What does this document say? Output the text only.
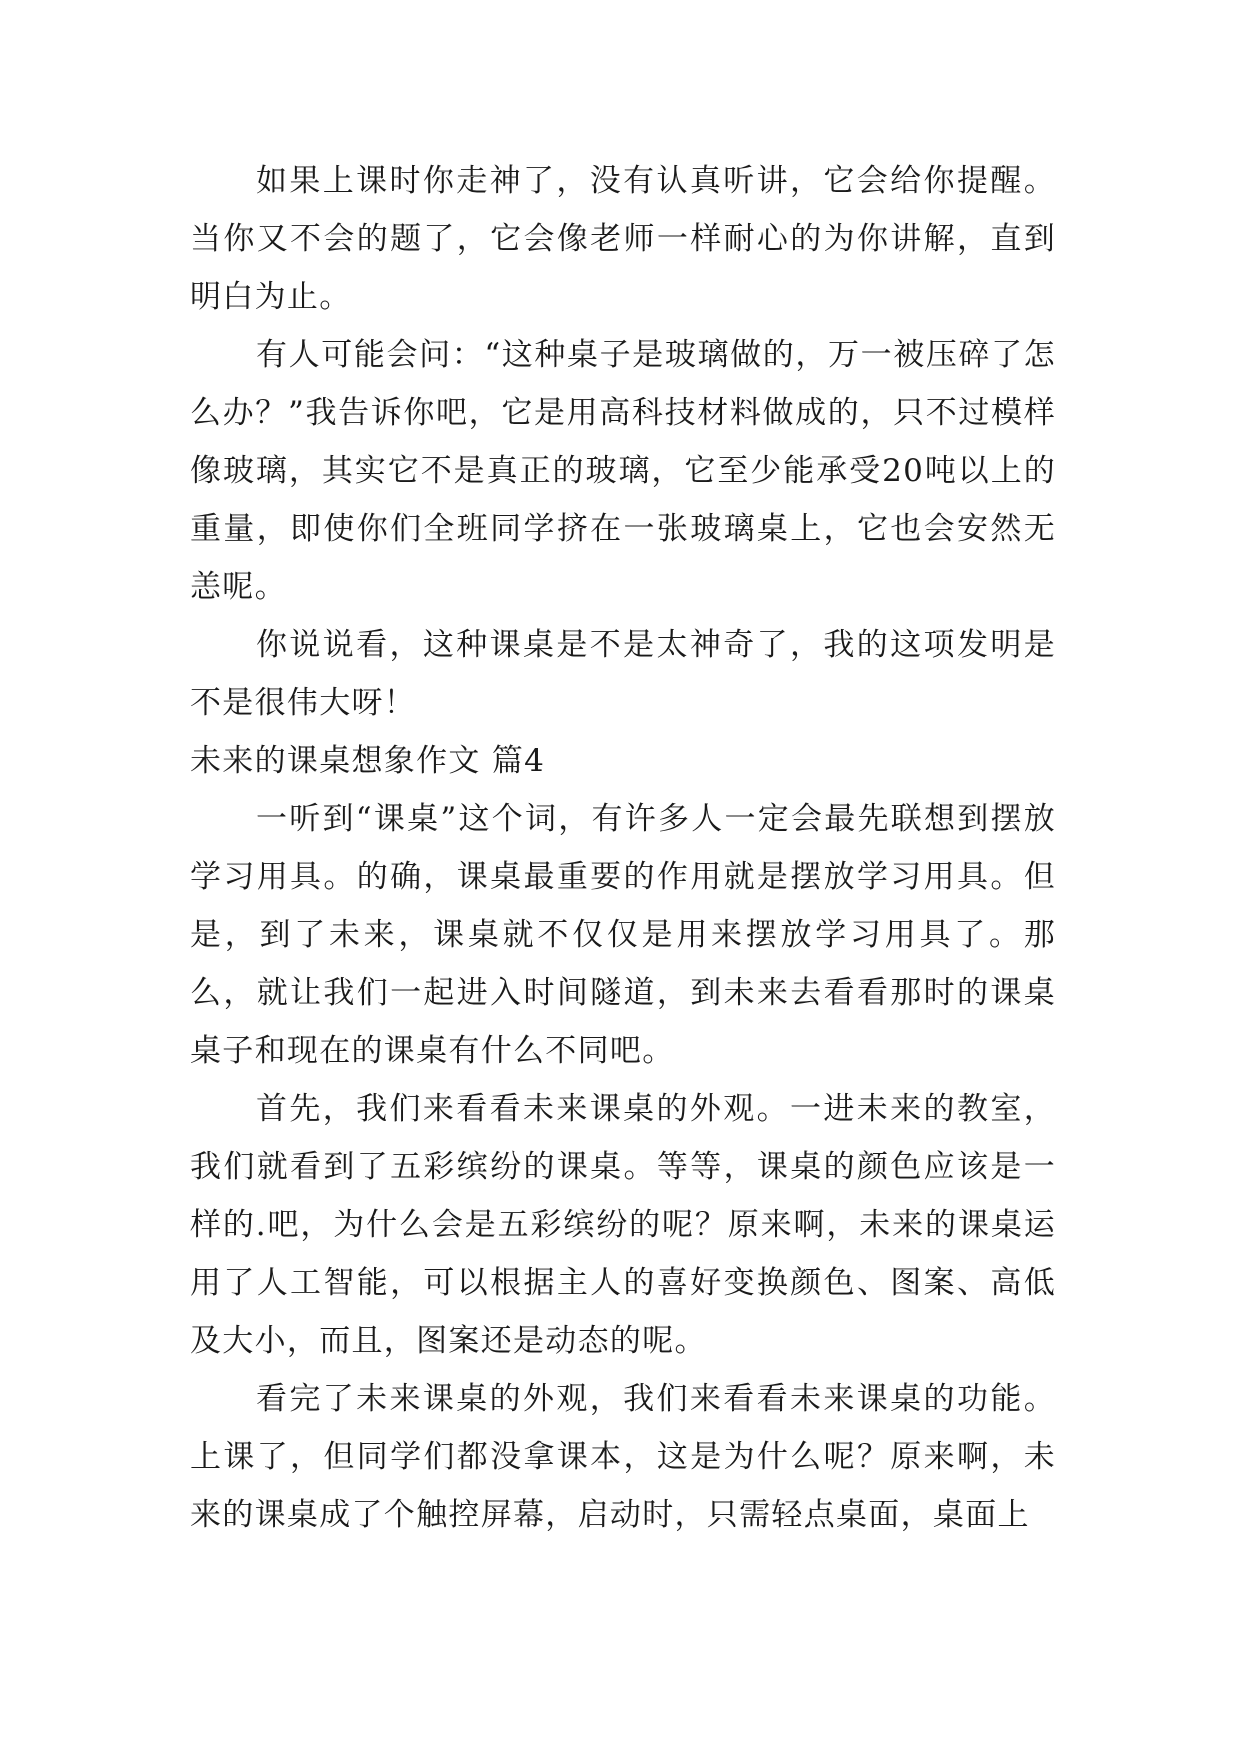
如果上课时你走神了，没有认真听讲，它会给你提醒。当你又不会的题了，它会像老师一样耐心的为你讲解，直到明白为止。

有人可能会问：“这种桌子是玻璃做的，万一被压碎了怎么办？”我告诉你吧，它是用高科技材料做成的，只不过模样像玻璃，其实它不是真正的玻璃，它至少能承受20吨以上的重量，即使你们全班同学挤在一张玻璃桌上，它也会安然无恙呢。

你说说看，这种课桌是不是太神奇了，我的这项发明是不是很伟大呀！

未来的课桌想象作文 篇4

一听到“课桌”这个词，有许多人一定会最先联想到摆放学习用具。的确，课桌最重要的作用就是摆放学习用具。但是，到了未来，课桌就不仅仅是用来摆放学习用具了。那么，就让我们一起进入时间隧道，到未来去看看那时的课桌桌子和现在的课桌有什么不同吧。

首先，我们来看看未来课桌的外观。一进未来的教室，我们就看到了五彩缤纷的课桌。等等，课桌的颜色应该是一样的.吧，为什么会是五彩缤纷的呢？原来啊，未来的课桌运用了人工智能，可以根据主人的喜好变换颜色、图案、高低及大小，而且，图案还是动态的呢。

看完了未来课桌的外观，我们来看看未来课桌的功能。上课了，但同学们都没拿课本，这是为什么呢？原来啊，未来的课桌成了个触控屏幕，启动时，只需轻点桌面，桌面上
